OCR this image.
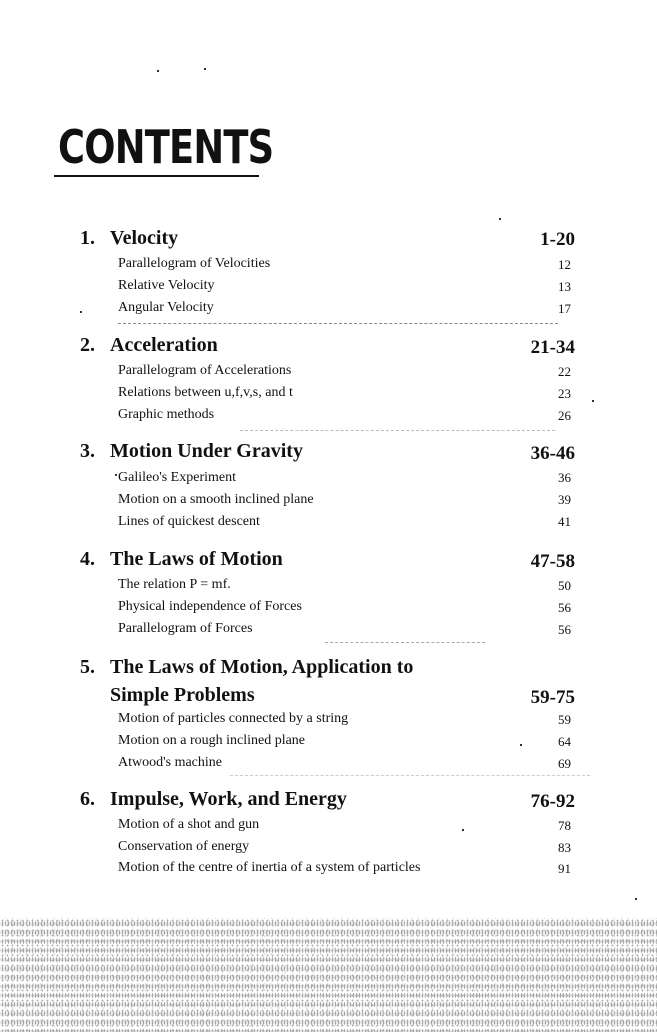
CONTENTS
1. Velocity	1-20
Parallelogram of Velocities	12
Relative Velocity	13
Angular Velocity	17
2. Acceleration	21-34
Parallelogram of Accelerations	22
Relations between u,f,v,s, and t	23
Graphic methods	26
3. Motion Under Gravity	36-46
Galileo's Experiment	36
Motion on a smooth inclined plane	39
Lines of quickest descent	41
4. The Laws of Motion	47-58
The relation P = mf.	50
Physical independence of Forces	56
Parallelogram of Forces	56
5. The Laws of Motion, Application to
Simple Problems	59-75
Motion of particles connected by a string	59
Motion on a rough inclined plane	64
Atwood's machine	69
6. Impulse, Work, and Energy	76-92
Motion of a shot and gun	78
Conservation of energy	83
Motion of the centre of inertia of a system of particles	91
